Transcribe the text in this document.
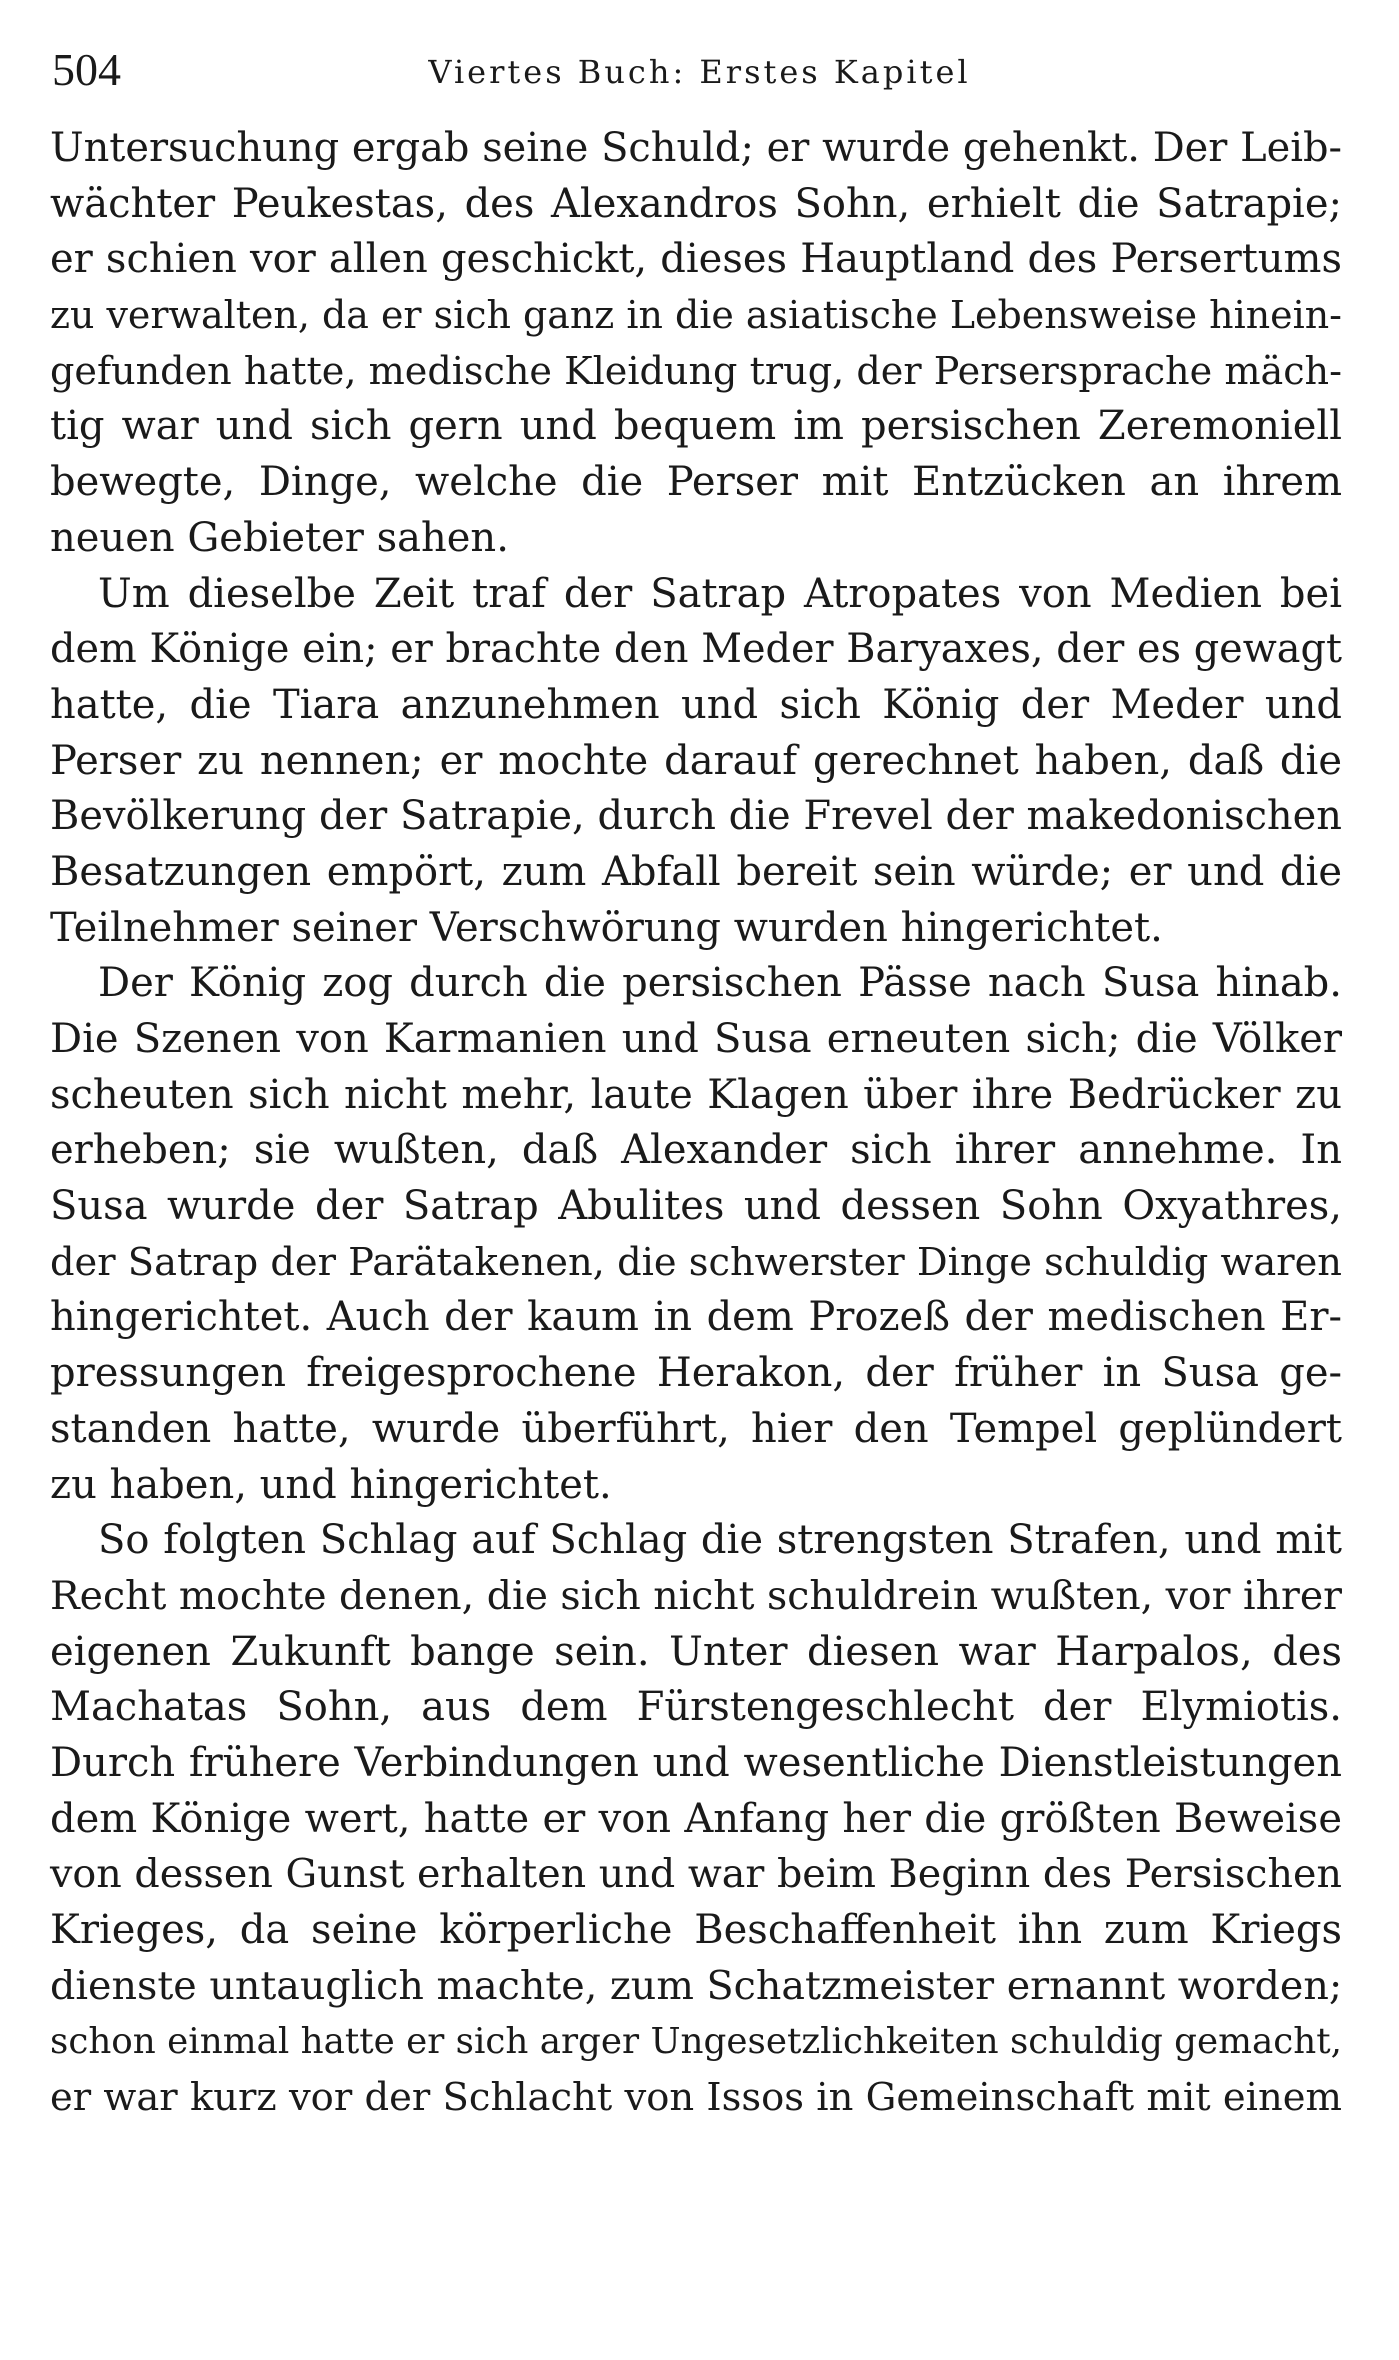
504	Viertes Buch: Erstes Kapitel

Untersuchung ergab seine Schuld; er wurde gehenkt. Der Leib-
wächter Peukestas, des Alexandros Sohn, erhielt die Satrapie;
er schien vor allen geschickt, dieses Hauptland des Persertums
zu verwalten, da er sich ganz in die asiatische Lebensweise hinein-
gefunden hatte, medische Kleidung trug, der Perserspraсhe mäch-
tig war und sich gern und bequem im persischen Zeremoniell
bewegte, Dinge, welche die Perser mit Entzücken an ihrem
neuen Gebieter sahen.

Um dieselbe Zeit traf der Satrap Atropates von Medien bei
dem Könige ein; er brachte den Meder Baryaxes, der es gewagt
hatte, die Tiara anzunehmen und sich König der Meder und
Perser zu nennen; er mochte darauf gerechnet haben, daß die
Bevölkerung der Satrapie, durch die Frevel der makedonischen
Besatzungen empört, zum Abfall bereit sein würde; er und die
Teilnehmer seiner Verschwörung wurden hingerichtet.

Der König zog durch die persischen Pässe nach Susa hinab.
Die Szenen von Karmanien und Susa erneuten sich; die Völker
scheuten sich nicht mehr, laute Klagen über ihre Bedrücker zu
erheben; sie wußten, daß Alexander sich ihrer annehme. In
Susa wurde der Satrap Abulites und dessen Sohn Oxyathres,
der Satrap der Parätakenen, die schwerster Dinge schuldig waren
hingerichtet. Auch der kaum in dem Prozeß der medischen Er-
pressungen freigesprochene Herakon, der früher in Susa ge-
standen hatte, wurde überführt, hier den Tempel geplündert
zu haben, und hingerichtet.

So folgten Schlag auf Schlag die strengsten Strafen, und mit
Recht mochte denen, die sich nicht schuldrein wußten, vor ihrer
eigenen Zukunft bange sein. Unter diesen war Harpalos, des
Machatas Sohn, aus dem Fürstengeschlecht der Elymiotis.
Durch frühere Verbindungen und wesentliche Dienstleistungen
dem Könige wert, hatte er von Anfang her die größten Beweise
von dessen Gunst erhalten und war beim Beginn des Persischen
Krieges, da seine körperliche Beschaffenheit ihn zum Kriegs
dienste untauglich machte, zum Schatzmeister ernannt worden;
schon einmal hatte er sich arger Ungesetzlichkeiten schuldig gemacht,
er war kurz vor der Schlacht von Issos in Gemeinschaft mit einem
